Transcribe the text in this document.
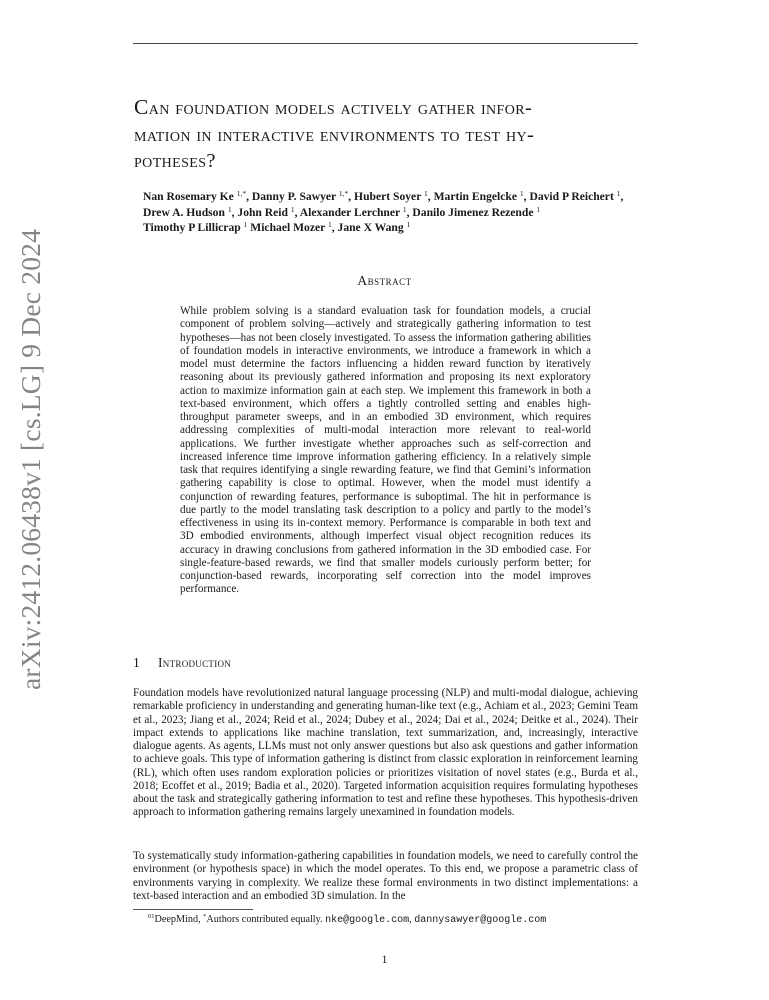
arXiv:2412.06438v1 [cs.LG] 9 Dec 2024
Can foundation models actively gather infor-
mation in interactive environments to test hy-
potheses?
Nan Rosemary Ke $^{1,*}$, Danny P. Sawyer $^{1,*}$, Hubert Soyer $^1$, Martin Engelcke $^1$, David P Reichert $^1$,
Drew A. Hudson $^1$, John Reid $^1$, Alexander Lerchner $^1$, Danilo Jimenez Rezende $^1$
Timothy P Lillicrap $^1$ Michael Mozer $^1$, Jane X Wang $^1$
Abstract

While problem solving is a standard evaluation task for foundation models, a crucial component of problem solving—actively and strategically gathering information to test hypotheses—has not been closely investigated. To assess the information gathering abilities of foundation models in interactive environments, we introduce a framework in which a model must determine the factors influencing a hidden reward function by iteratively reasoning about its previously gathered information and proposing its next exploratory action to maximize information gain at each step. We implement this framework in both a text-based environment, which offers a tightly controlled setting and enables high-throughput parameter sweeps, and in an embodied 3D environment, which requires addressing complexities of multi-modal interaction more relevant to real-world applications. We further investigate whether approaches such as self-correction and increased inference time improve information gathering efficiency. In a relatively simple task that requires identifying a single rewarding feature, we find that Gemini’s information gathering capability is close to optimal. However, when the model must identify a conjunction of rewarding features, performance is suboptimal. The hit in performance is due partly to the model translating task description to a policy and partly to the model’s effectiveness in using its in-context memory. Performance is comparable in both text and 3D embodied environments, although imperfect visual object recognition reduces its accuracy in drawing conclusions from gathered information in the 3D embodied case. For single-feature-based rewards, we find that smaller models curiously perform better; for conjunction-based rewards, incorporating self correction into the model improves performance.

1 Introduction

Foundation models have revolutionized natural language processing (NLP) and multi-modal dialogue, achieving remarkable proficiency in understanding and generating human-like text (e.g., Achiam et al., 2023; Gemini Team et al., 2023; Jiang et al., 2024; Reid et al., 2024; Dubey et al., 2024; Dai et al., 2024; Deitke et al., 2024). Their impact extends to applications like machine translation, text summarization, and, increasingly, interactive dialogue agents. As agents, LLMs must not only answer questions but also ask questions and gather information to achieve goals. This type of information gathering is distinct from classic exploration in reinforcement learning (RL), which often uses random exploration policies or prioritizes visitation of novel states (e.g., Burda et al., 2018; Ecoffet et al., 2019; Badia et al., 2020). Targeted information acquisition requires formulating hypotheses about the task and strategically gathering information to test and refine these hypotheses. This hypothesis-driven approach to information gathering remains largely unexamined in foundation models.

To systematically study information-gathering capabilities in foundation models, we need to carefully control the environment (or hypothesis space) in which the model operates. To this end, we propose a parametric class of environments varying in complexity. We realize these formal environments in two distinct implementations: a text-based interaction and an embodied 3D simulation. In the

$^{01}$DeepMind, *Authors contributed equally. nke@google.com, dannysawyer@google.com
1
